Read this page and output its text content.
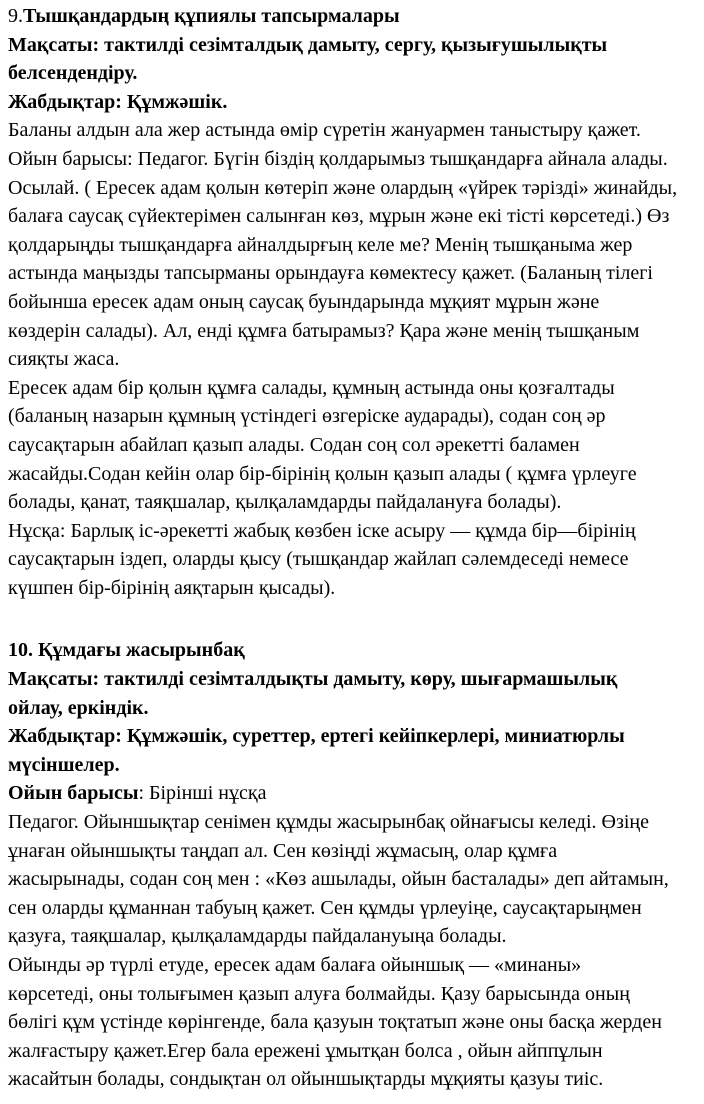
9.Тышқандардың құпиялы тапсырмалары
Мақсаты: тактилді сезімталдық дамыту, сергу, қызығушылықты
белсендендіру.
Жабдықтар: Құмжәшік.
Баланы алдын ала жер астында өмір сүретін жануармен таныстыру қажет.
Ойын барысы: Педагог. Бүгін біздің қолдарымыз тышқандарға айнала алады.
Осылай. ( Ересек адам қолын көтеріп және олардың «үйрек тәрізді» жинайды,
балаға саусақ сүйектерімен салынған көз, мұрын және екі тісті көрсетеді.) Өз
қолдарыңды тышқандарға айналдырғың келе ме? Менің тышқаныма жер
астында маңызды тапсырманы орындауға көмектесу қажет. (Баланың тілегі
бойынша ересек адам оның саусақ буындарында мұқият мұрын және
көздерін салады). Ал, енді құмға батырамыз? Қара және менің тышқаным
сияқты жаса.
Ересек адам бір қолын құмға салады, құмның астында оны қозғалтады
(баланың назарын құмның үстіндегі өзгеріске аударады), содан соң әр
саусақтарын абайлап қазып алады. Содан соң сол әрекетті баламен
жасайды.Содан кейін олар бір-бірінің қолын қазып алады ( құмға үрлеуге
болады, қанат, таяқшалар, қылқаламдарды пайдалануға болады).
Нұсқа: Барлық іс-әрекетті жабық көзбен іске асыру — құмда бір—бірінің
саусақтарын іздеп, оларды қысу (тышқандар жайлап сәлемдеседі немесе
күшпен бір-бірінің аяқтарын қысады).
10. Құмдағы жасырынбақ
Мақсаты: тактилді сезімталдықты дамыту, көру, шығармашылық
ойлау, еркіндік.
Жабдықтар: Құмжәшік, суреттер, ертегі кейіпкерлері, миниатюрлы
мүсіншелер.
Ойын барысы: Бірінші нұсқа
Педагог. Ойыншықтар сенімен құмды жасырынбақ ойнағысы келеді. Өзіңе
ұнаған ойыншықты таңдап ал. Сен көзіңді жұмасың, олар құмға
жасырынады, содан соң мен : «Көз ашылады, ойын басталады» деп айтамын,
сен оларды құманнан табуың қажет. Сен құмды үрлеуіңе, саусақтарыңмен
қазуға, таяқшалар, қылқаламдарды пайдалануыңа болады.
Ойынды әр түрлі етуде, ересек адам балаға ойыншық — «минаны»
көрсетеді, оны толығымен қазып алуға болмайды. Қазу барысында оның
бөлігі құм үстінде көрінгенде, бала қазуын тоқтатып және оны басқа жерден
жалғастыру қажет.Егер бала ережені ұмытқан болса , ойын айппұлын
жасайтын болады, сондықтан ол ойыншықтарды мұқияты қазуы тиіс.
